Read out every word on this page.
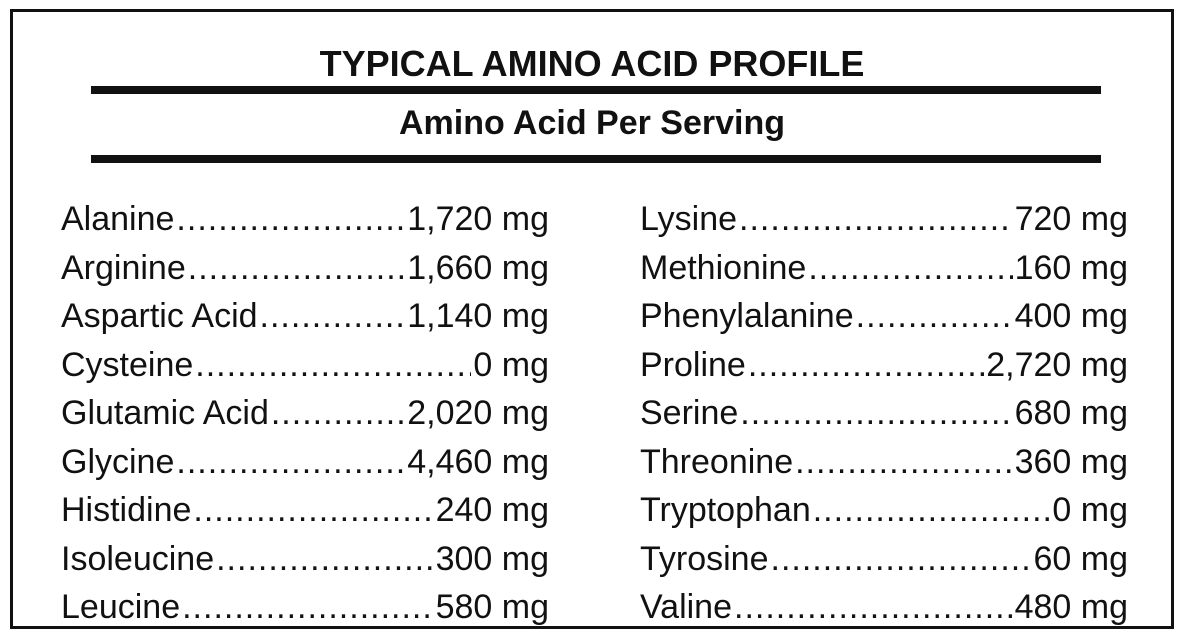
TYPICAL AMINO ACID PROFILE
Amino Acid Per Serving
Alanine .....	1,720 mg
Arginine .....	1,660 mg
Aspartic Acid .....	1,140 mg
Cysteine .....	0 mg
Glutamic Acid .....	2,020 mg
Glycine .....	4,460 mg
Histidine .....	240 mg
Isoleucine .....	300 mg
Leucine .....	580 mg
Lysine .....	720 mg
Methionine .....	160 mg
Phenylalanine .....	400 mg
Proline .....	2,720 mg
Serine .....	680 mg
Threonine .....	360 mg
Tryptophan .....	0 mg
Tyrosine .....	60 mg
Valine .....	480 mg
